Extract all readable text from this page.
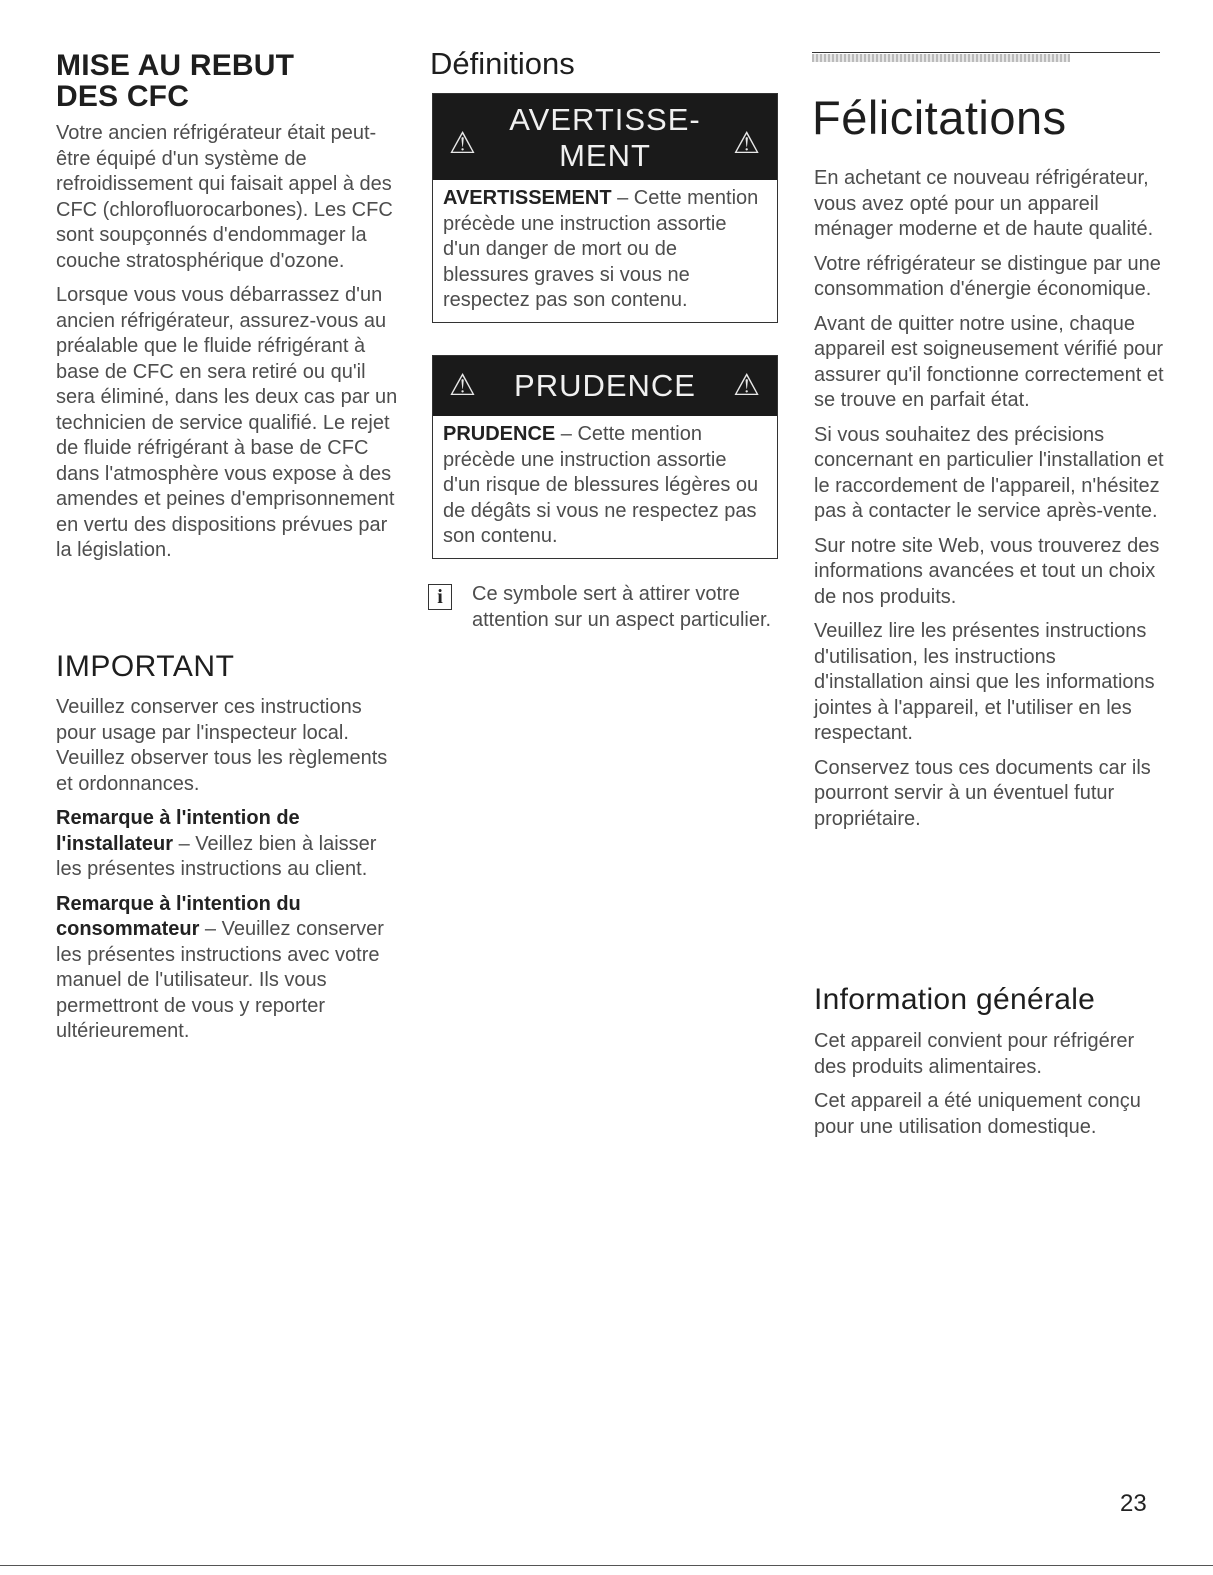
MISE AU REBUT
DES CFC

Votre ancien réfrigérateur était peut-être équipé d'un système de refroidissement qui faisait appel à des CFC (chlorofluorocarbones). Les CFC sont soupçonnés d'endommager la couche stratosphérique d'ozone.

Lorsque vous vous débarrassez d'un ancien réfrigérateur, assurez-vous au préalable que le fluide réfrigérant à base de CFC en sera retiré ou qu'il sera éliminé, dans les deux cas par un technicien de service qualifié. Le rejet de fluide réfrigérant à base de CFC dans l'atmosphère vous expose à des amendes et peines d'emprisonnement en vertu des dispositions prévues par la législation.

IMPORTANT

Veuillez conserver ces instructions pour usage par l'inspecteur local. Veuillez observer tous les règlements et ordonnances.

Remarque à l'intention de l'installateur – Veillez bien à laisser les présentes instructions au client.

Remarque à l'intention du consommateur – Veuillez conserver les présentes instructions avec votre manuel de l'utilisateur. Ils vous permettront de vous y reporter ultérieurement.

Définitions
⚠
AVERTISSE-
MENT	⚠

AVERTISSEMENT – Cette mention précède une instruction assortie d'un danger de mort ou de blessures graves si vous ne respectez pas son contenu.

⚠ PRUDENCE ⚠

PRUDENCE – Cette mention précède une instruction assortie d'un risque de blessures légères ou de dégâts si vous ne respectez pas son contenu.

i	Ce symbole sert à attirer votre attention sur un aspect particulier.

Félicitations

En achetant ce nouveau réfrigérateur, vous avez opté pour un appareil ménager moderne et de haute qualité.

Votre réfrigérateur se distingue par une consommation d'énergie économique.

Avant de quitter notre usine, chaque appareil est soigneusement vérifié pour assurer qu'il fonctionne correctement et se trouve en parfait état.

Si vous souhaitez des précisions concernant en particulier l'installation et le raccordement de l'appareil, n'hésitez pas à contacter le service après-vente.

Sur notre site Web, vous trouverez des informations avancées et tout un choix de nos produits.

Veuillez lire les présentes instructions d'utilisation, les instructions d'installation ainsi que les informations jointes à l'appareil, et l'utiliser en les respectant.

Conservez tous ces documents car ils pourront servir à un éventuel futur propriétaire.

Information générale

Cet appareil convient pour réfrigérer des produits alimentaires.

Cet appareil a été uniquement conçu pour une utilisation domestique.

23
